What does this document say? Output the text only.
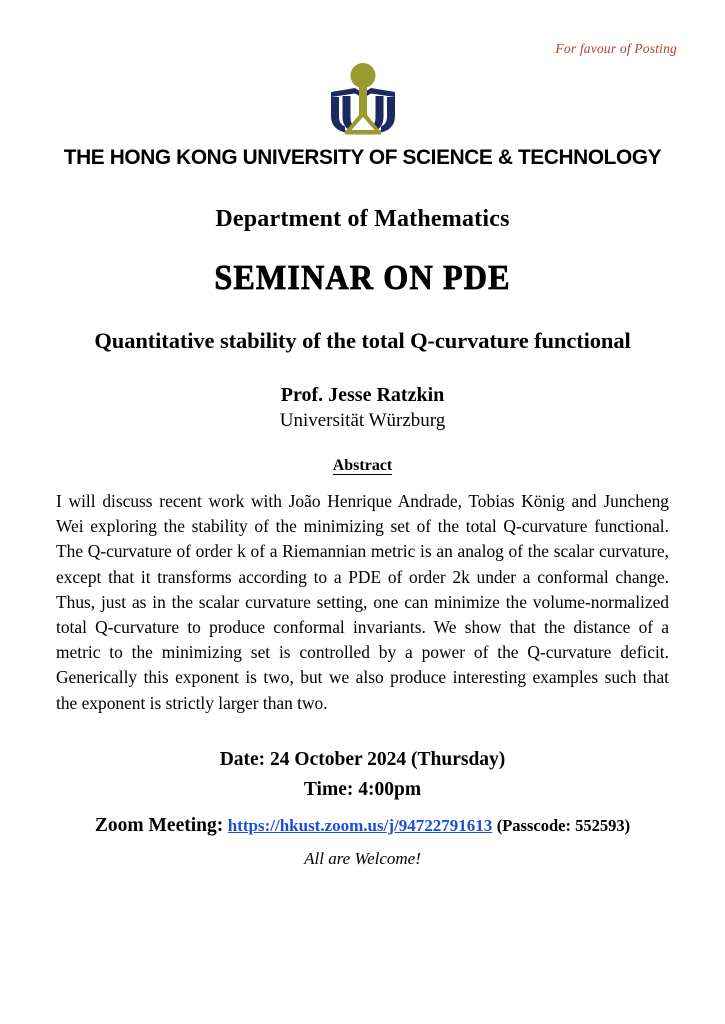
For favour of Posting
THE HONG KONG UNIVERSITY OF SCIENCE & TECHNOLOGY
Department of Mathematics
SEMINAR ON PDE
Quantitative stability of the total Q-curvature functional
Prof. Jesse Ratzkin
Universität Würzburg
Abstract
I will discuss recent work with João Henrique Andrade, Tobias König and Juncheng Wei exploring the stability of the minimizing set of the total Q-curvature functional. The Q-curvature of order k of a Riemannian metric is an analog of the scalar curvature, except that it transforms according to a PDE of order 2k under a conformal change. Thus, just as in the scalar curvature setting, one can minimize the volume-normalized total Q-curvature to produce conformal invariants. We show that the distance of a metric to the minimizing set is controlled by a power of the Q-curvature deficit. Generically this exponent is two, but we also produce interesting examples such that the exponent is strictly larger than two.
Date: 24 October 2024 (Thursday)
Time: 4:00pm
Zoom Meeting: https://hkust.zoom.us/j/94722791613 (Passcode: 552593)
All are Welcome!
